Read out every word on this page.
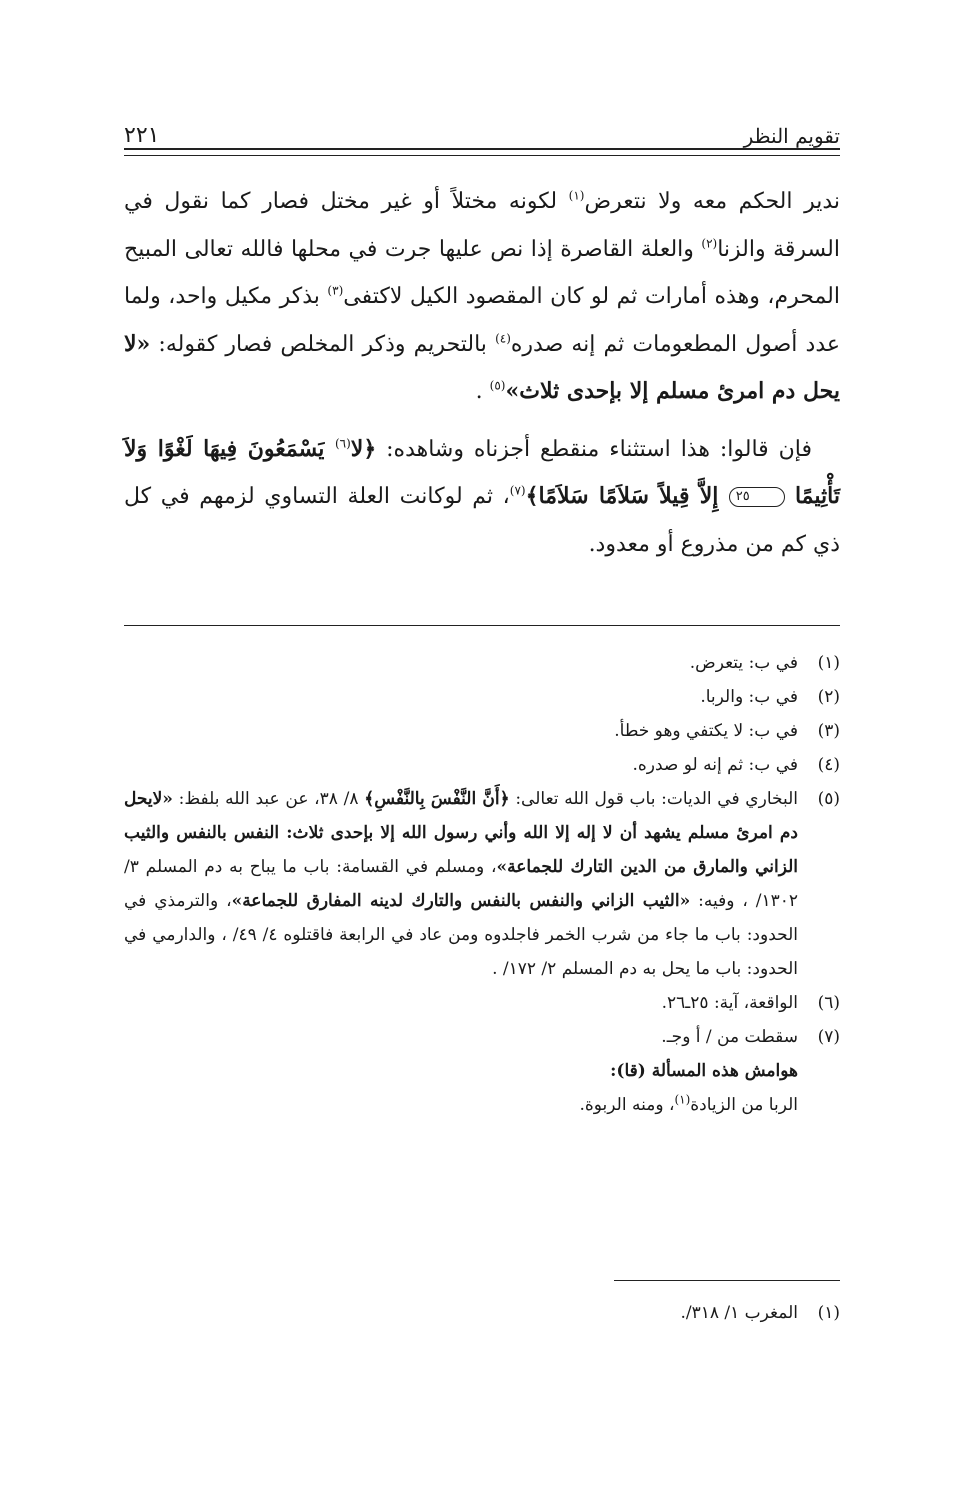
٢٢١	تقويم النظر

ندير الحكم معه ولا نتعرض$^{(١)}$ لكونه مختلاً أو غير مختل فصار كما نقول في السرقة والزنا$^{(٢)}$ والعلة القاصرة إذا نص عليها جرت في محلها فالله تعالى المبيح المحرم، وهذه أمارات ثم لو كان المقصود الكيل لاكتفى$^{(٣)}$ بذكر مكيل واحد، ولما عدد أصول المطعومات ثم إنه صدره$^{(٤)}$ بالتحريم وذكر المخلص فصار كقوله: «لا يحل دم امرئ مسلم إلا بإحدى ثلاث»$^{(٥)}$ .

فإن قالوا: هذا استثناء منقطع أجزناه وشاهده: ﴿لا$^{(٦)}$ يَسْمَعُونَ فِيهَا لَغْوًا وَلاَ تَأْثِيمًا ٢٥ إِلاَّ قِيلاً سَلاَمًا سَلاَمًا﴾$^{(٧)}$، ثم لوكانت العلة التساوي لزمهم في كل ذي كم من مذروع أو معدود.

(١)
في ب: يتعرض.
(٢)
في ب: والربا.
(٣)
في ب: لا يكتفي وهو خطأ.
(٤)
في ب: ثم إنه لو صدره.
(٥)
البخاري في الديات: باب قول الله تعالى: ﴿أَنَّ النَّفْسَ بِالنَّفْسِ﴾ ٨/ ٣٨، عن عبد الله بلفظ: «لايحل دم امرئ مسلم يشهد أن لا إله إلا الله وأني رسول الله إلا بإحدى ثلاث: النفس بالنفس والثيب الزاني والمارق من الدين التارك للجماعة»، ومسلم في القسامة: باب ما يباح به دم المسلم ٣/ ١٣٠٢/ ، وفيه: «الثيب الزاني والنفس بالنفس والتارك لدينه المفارق للجماعة»، والترمذي في الحدود: باب ما جاء من شرب الخمر فاجلدوه ومن عاد في الرابعة فاقتلوه ٤/ ٤٩/ ، والدارمي في الحدود: باب ما يحل به دم المسلم ٢/ ١٧٢/ .
(٦)
الواقعة، آية: ٢٥ـ٢٦.
(٧)
سقطت من / أ وجـ.
هوامش هذه المسألة (قا):
الربا من الزيادة$^{(١)}$، ومنه الربوة.
(١)
المغرب ١/ ٣١٨/.
